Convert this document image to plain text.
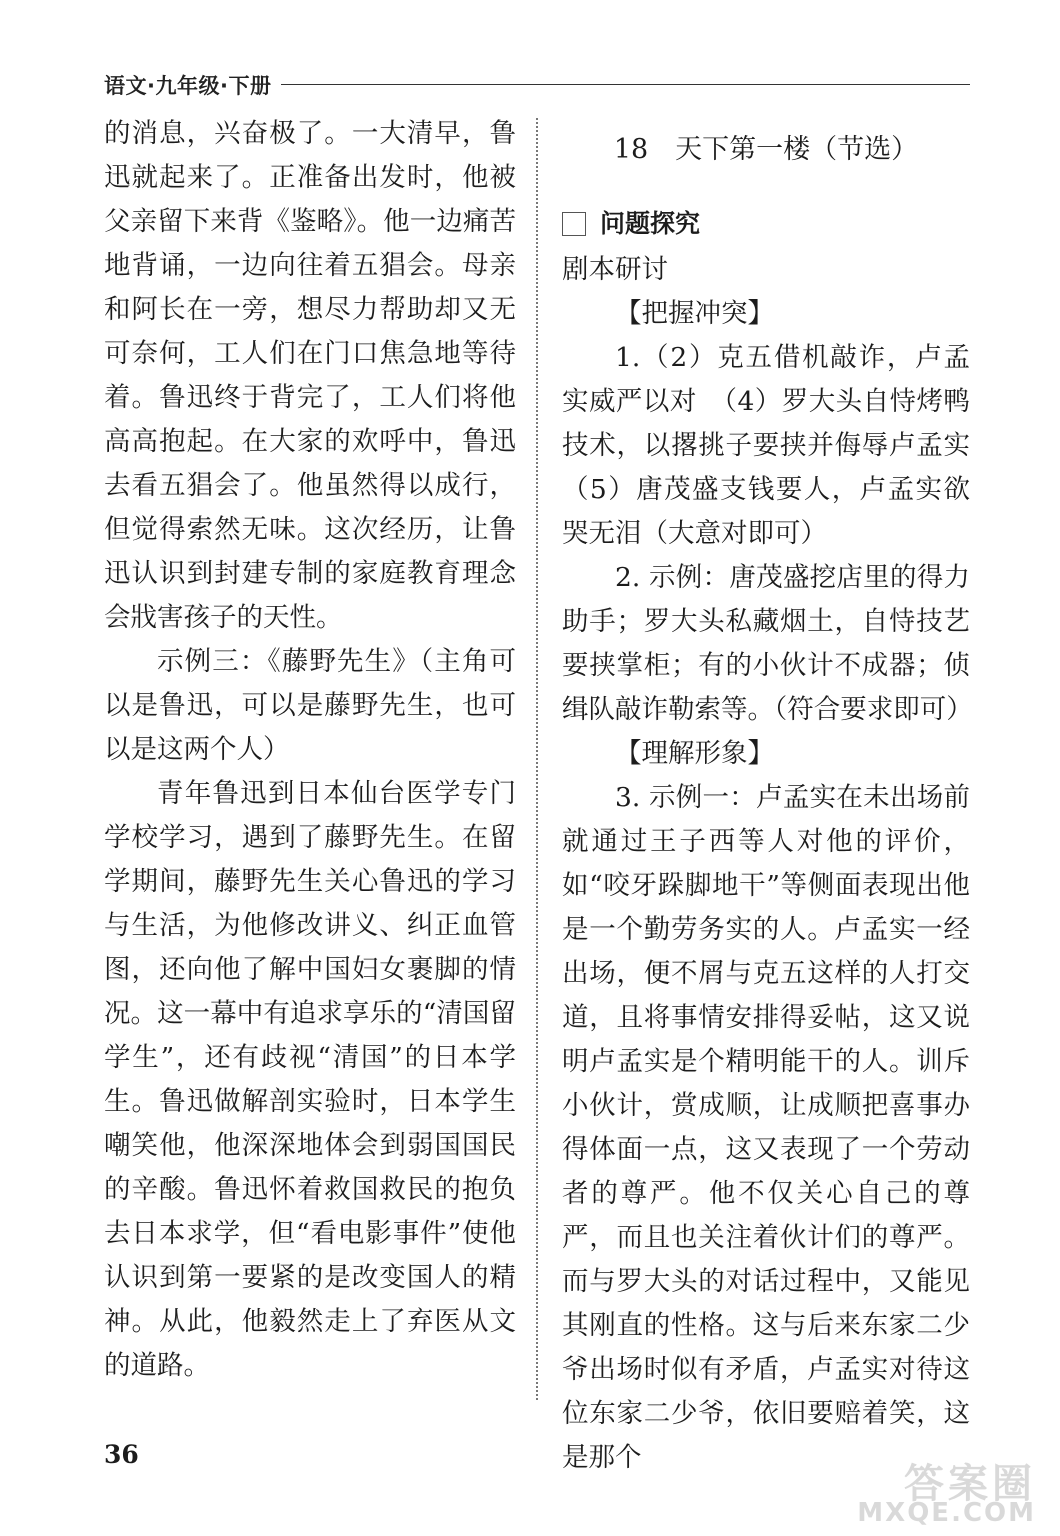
语文·九年级·下册

的消息，兴奋极了。一大清早，鲁迅就起来了。正准备出发时，他被父亲留下来背《鉴略》。他一边痛苦地背诵，一边向往着五猖会。母亲和阿长在一旁，想尽力帮助却又无可奈何，工人们在门口焦急地等待着。鲁迅终于背完了，工人们将他高高抱起。在大家的欢呼中，鲁迅去看五猖会了。他虽然得以成行，但觉得索然无味。这次经历，让鲁迅认识到封建专制的家庭教育理念会戕害孩子的天性。

示例三：《藤野先生》（主角可以是鲁迅，可以是藤野先生，也可以是这两个人）

青年鲁迅到日本仙台医学专门学校学习，遇到了藤野先生。在留学期间，藤野先生关心鲁迅的学习与生活，为他修改讲义、纠正血管图，还向他了解中国妇女裹脚的情况。这一幕中有追求享乐的“清国留学生”，还有歧视“清国”的日本学生。鲁迅做解剖实验时，日本学生嘲笑他，他深深地体会到弱国国民的辛酸。鲁迅怀着救国救民的抱负去日本求学，但“看电影事件”使他认识到第一要紧的是改变国人的精神。从此，他毅然走上了弃医从文的道路。

18　天下第一楼（节选）
问题探究

剧本研讨

【把握冲突】

1.（2）克五借机敲诈，卢孟实威严以对　（4）罗大头自恃烤鸭技术，以撂挑子要挟并侮辱卢孟实（5）唐茂盛支钱要人，卢孟实欲哭无泪（大意对即可）

2. 示例：唐茂盛挖店里的得力助手；罗大头私藏烟土，自恃技艺要挟掌柜；有的小伙计不成器；侦缉队敲诈勒索等。（符合要求即可）

【理解形象】

3. 示例一：卢孟实在未出场前就通过王子西等人对他的评价，如“咬牙跺脚地干”等侧面表现出他是一个勤劳务实的人。卢孟实一经出场，便不屑与克五这样的人打交道，且将事情安排得妥帖，这又说明卢孟实是个精明能干的人。训斥小伙计，赏成顺，让成顺把喜事办得体面一点，这又表现了一个劳动者的尊严。他不仅关心自己的尊严，而且也关注着伙计们的尊严。而与罗大头的对话过程中，又能见其刚直的性格。这与后来东家二少爷出场时似有矛盾，卢孟实对待这位东家二少爷，依旧要赔着笑，这是那个

36
答案圈
MXQE.COM
